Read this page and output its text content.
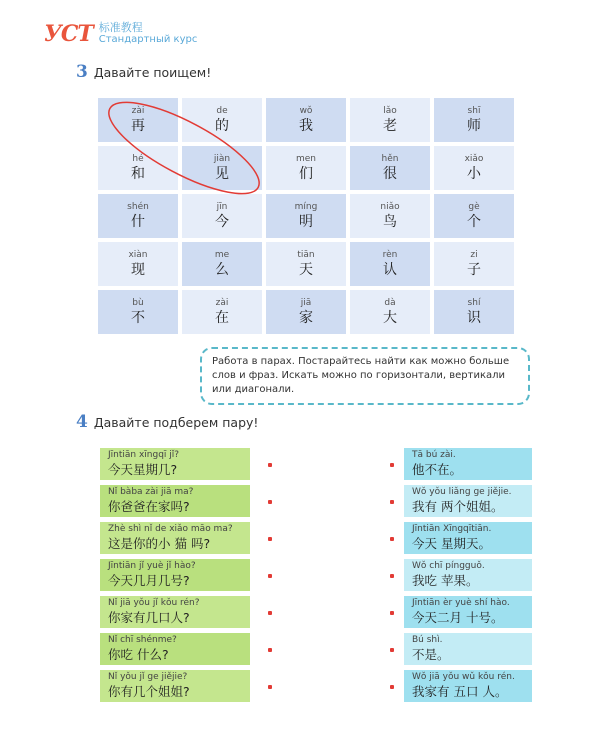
УСТ 标准教程
Стандартный курс
3 Давайте поищем!
zài
再
de
的
wǒ
我
lǎo
老
shī
师
hé
和
jiàn
见
men
们
hěn
很
xiǎo
小
shén
什
jīn
今
míng
明
niǎo
鸟
gè
个
xiàn
现
me
么
tiān
天
rèn
认
zi
子
bù
不
zài
在
jiā
家
dà
大
shí
识
Работа в парах. Постарайтесь найти как можно больше слов и фраз. Искать можно по горизонтали, вертикали или диагонали.
4 Давайте подберем пару!
Jīntiān xīngqī jǐ?
今天星期几?
Nǐ bàba zài jiā ma?
你爸爸在家吗?
Zhè shì nǐ de xiǎo māo ma?
这是你的小 猫 吗?
Jīntiān jǐ yuè jǐ hào?
今天几月几号?
Nǐ jiā yǒu jǐ kǒu rén?
你家有几口人?
Nǐ chī shénme?
你吃 什么?
Nǐ yǒu jǐ ge jiějie?
你有几个姐姐?
Tā bú zài.
他不在。
Wǒ yǒu liǎng ge jiějie.
我有 两个姐姐。
Jīntiān Xīngqītiān.
今天 星期天。
Wǒ chī píngguǒ.
我吃 苹果。
Jīntiān èr yuè shí hào.
今天二月 十号。
Bú shì.
不是。
Wǒ jiā yǒu wǔ kǒu rén.
我家有 五口 人。
